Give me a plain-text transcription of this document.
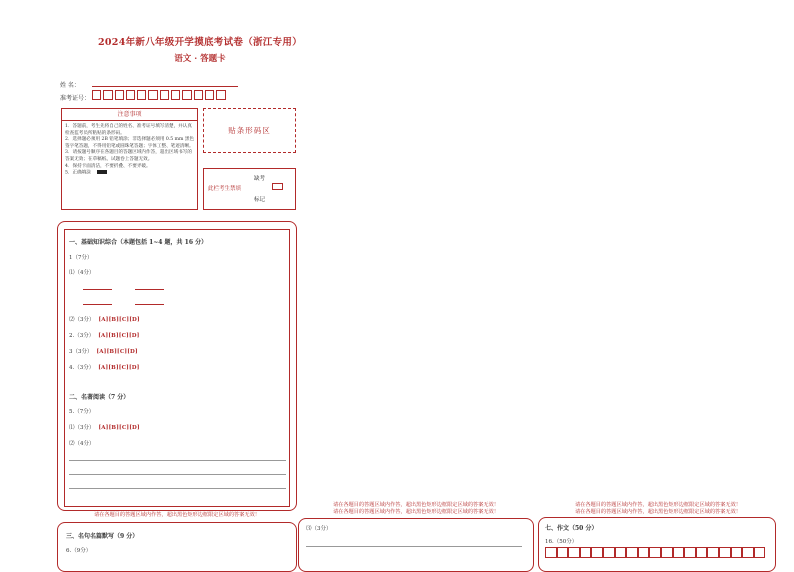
2024年新八年级开学摸底考试卷（浙江专用）
语文 · 答题卡
姓 名：
准考证号：
注意事项
1．答题前，考生先将自己的姓名、准考证号填写清楚，并认真检查监考员所粘贴的条形码。
2．选择题必须用 2B 铅笔填涂；非选择题必须用 0.5 mm 黑色签字笔答题，不得用铅笔或圆珠笔答题；字体工整、笔迹清晰。
3．请按题号顺序在各题目的答题区域内作答，超出区域书写的答案无效；在草稿纸、试题卷上答题无效。
4．保持卡面清洁，不要折叠、不要弄破。
5．正确填涂
贴条形码区
缺考
此栏考生禁填
标记
一、基础知识综合（本题包括 1~4 题，共 16 分）
1（7分）
⑴（4分）
⑵（3分） [A][B][C][D]
2.（3分） [A][B][C][D]
3（3分） [A][B][C][D]
4.（3分） [A][B][C][D]
二、名著阅读（7 分）
5.（7分）
⑴（3分） [A][B][C][D]
⑵（4分）
请在各题目的答题区域内作答，超出黑色矩形边框限定区域的答案无效！
三、名句名篇默写（9 分）
6.（9分）
请在各题目的答题区域内作答，超出黑色矩形边框限定区域的答案无效！
请在各题目的答题区域内作答，超出黑色矩形边框限定区域的答案无效！
⑶（3分）
请在各题目的答题区域内作答，超出黑色矩形边框限定区域的答案无效！
请在各题目的答题区域内作答，超出黑色矩形边框限定区域的答案无效！
七、作文（50 分）
16.（50分）
